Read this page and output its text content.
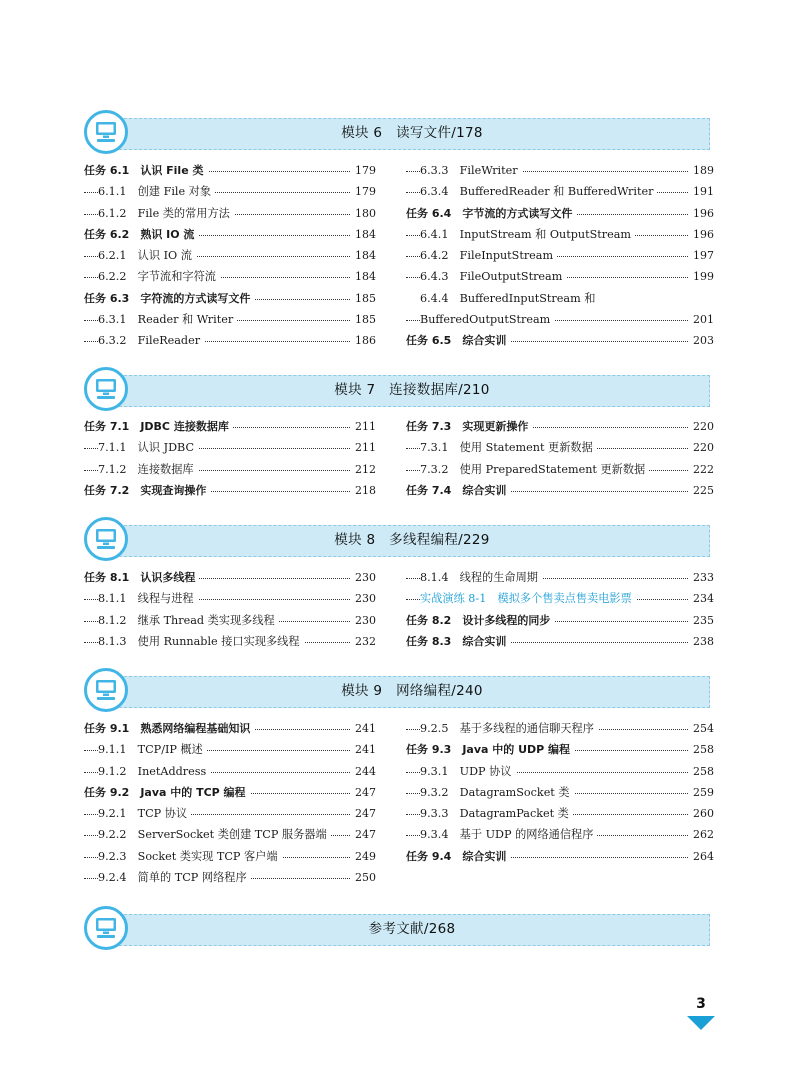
模块 6　读写文件/178
任务 6.1　认识 File 类	179
6.1.1　创建 File 对象	179
6.1.2　File 类的常用方法	180
任务 6.2　熟识 IO 流	184
6.2.1　认识 IO 流	184
6.2.2　字节流和字符流	184
任务 6.3　字符流的方式读写文件	185
6.3.1　Reader 和 Writer	185
6.3.2　FileReader	186
6.3.3　FileWriter	189
6.3.4　BufferedReader 和 BufferedWriter	191
任务 6.4　字节流的方式读写文件	196
6.4.1　InputStream 和 OutputStream	196
6.4.2　FileInputStream	197
6.4.3　FileOutputStream	199
6.4.4　BufferedInputStream 和
BufferedOutputStream	201
任务 6.5　综合实训	203
模块 7　连接数据库/210
任务 7.1　JDBC 连接数据库	211
7.1.1　认识 JDBC	211
7.1.2　连接数据库	212
任务 7.2　实现查询操作	218
任务 7.3　实现更新操作	220
7.3.1　使用 Statement 更新数据	220
7.3.2　使用 PreparedStatement 更新数据	222
任务 7.4　综合实训	225
模块 8　多线程编程/229
任务 8.1　认识多线程	230
8.1.1　线程与进程	230
8.1.2　继承 Thread 类实现多线程	230
8.1.3　使用 Runnable 接口实现多线程	232
8.1.4　线程的生命周期	233
实战演练 8-1　模拟多个售卖点售卖电影票	234
任务 8.2　设计多线程的同步	235
任务 8.3　综合实训	238
模块 9　网络编程/240
任务 9.1　熟悉网络编程基础知识	241
9.1.1　TCP/IP 概述	241
9.1.2　InetAddress	244
任务 9.2　Java 中的 TCP 编程	247
9.2.1　TCP 协议	247
9.2.2　ServerSocket 类创建 TCP 服务器端	247
9.2.3　Socket 类实现 TCP 客户端	249
9.2.4　简单的 TCP 网络程序	250
9.2.5　基于多线程的通信聊天程序	254
任务 9.3　Java 中的 UDP 编程	258
9.3.1　UDP 协议	258
9.3.2　DatagramSocket 类	259
9.3.3　DatagramPacket 类	260
9.3.4　基于 UDP 的网络通信程序	262
任务 9.4　综合实训	264
参考文献/268
3
